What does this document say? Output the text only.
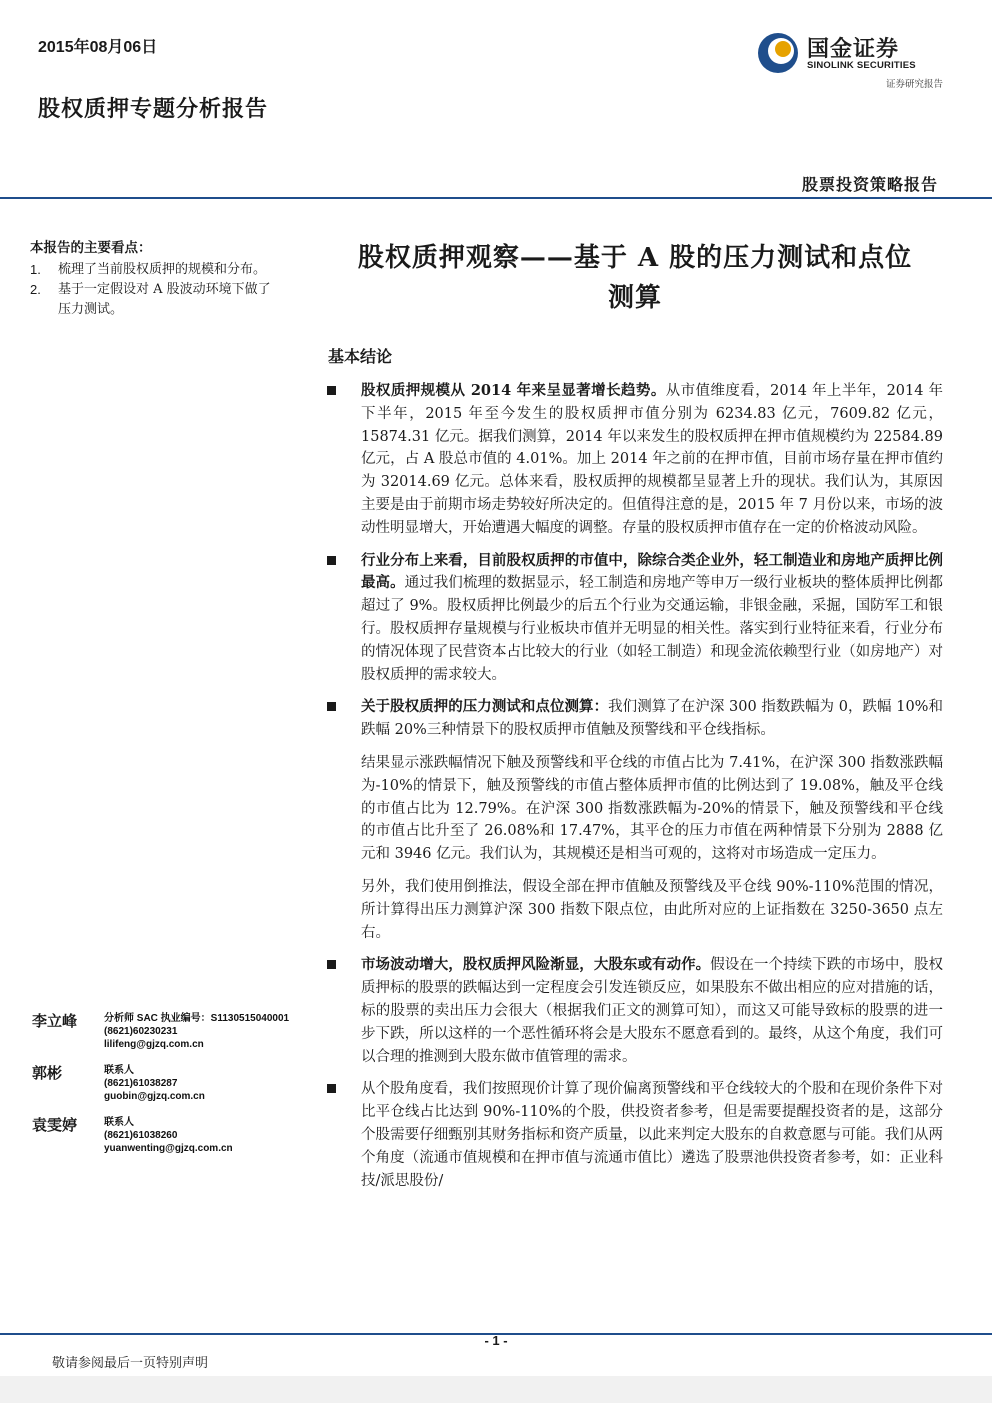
2015年08月06日
股权质押专题分析报告
国金证券
SINOLINK SECURITIES
证券研究报告
股票投资策略报告
本报告的主要看点：
1. 梳理了当前股权质押的规模和分布。
2. 基于一定假设对 A 股波动环境下做了压力测试。
股权质押观察——基于 A 股的压力测试和点位
测算
基本结论
股权质押规模从 2014 年来呈显著增长趋势。从市值维度看，2014 年上半年，2014 年下半年，2015 年至今发生的股权质押市值分别为 6234.83 亿元，7609.82 亿元，15874.31 亿元。据我们测算，2014 年以来发生的股权质押在押市值规模约为 22584.89 亿元，占 A 股总市值的 4.01%。加上 2014 年之前的在押市值，目前市场存量在押市值约为 32014.69 亿元。总体来看，股权质押的规模都呈显著上升的现状。我们认为，其原因主要是由于前期市场走势较好所决定的。但值得注意的是，2015 年 7 月份以来，市场的波动性明显增大，开始遭遇大幅度的调整。存量的股权质押市值存在一定的价格波动风险。
行业分布上来看，目前股权质押的市值中，除综合类企业外，轻工制造业和房地产质押比例最高。通过我们梳理的数据显示，轻工制造和房地产等申万一级行业板块的整体质押比例都超过了 9%。股权质押比例最少的后五个行业为交通运输，非银金融，采掘，国防军工和银行。股权质押存量规模与行业板块市值并无明显的相关性。落实到行业特征来看，行业分布的情况体现了民营资本占比较大的行业（如轻工制造）和现金流依赖型行业（如房地产）对股权质押的需求较大。
关于股权质押的压力测试和点位测算：我们测算了在沪深 300 指数跌幅为 0，跌幅 10%和跌幅 20%三种情景下的股权质押市值触及预警线和平仓线指标。
结果显示涨跌幅情况下触及预警线和平仓线的市值占比为 7.41%，在沪深 300 指数涨跌幅为-10%的情景下，触及预警线的市值占整体质押市值的比例达到了 19.08%，触及平仓线的市值占比为 12.79%。在沪深 300 指数涨跌幅为-20%的情景下，触及预警线和平仓线的市值占比升至了 26.08%和 17.47%，其平仓的压力市值在两种情景下分别为 2888 亿元和 3946 亿元。我们认为，其规模还是相当可观的，这将对市场造成一定压力。
另外，我们使用倒推法，假设全部在押市值触及预警线及平仓线 90%-110%范围的情况，所计算得出压力测算沪深 300 指数下限点位，由此所对应的上证指数在 3250-3650 点左右。
市场波动增大，股权质押风险渐显，大股东或有动作。假设在一个持续下跌的市场中，股权质押标的股票的跌幅达到一定程度会引发连锁反应，如果股东不做出相应的应对措施的话，标的股票的卖出压力会很大（根据我们正文的测算可知），而这又可能导致标的股票的进一步下跌，所以这样的一个恶性循环将会是大股东不愿意看到的。最终，从这个角度，我们可以合理的推测到大股东做市值管理的需求。
从个股角度看，我们按照现价计算了现价偏离预警线和平仓线较大的个股和在现价条件下对比平仓线占比达到 90%-110%的个股，供投资者参考，但是需要提醒投资者的是，这部分个股需要仔细甄别其财务指标和资产质量，以此来判定大股东的自救意愿与可能。我们从两个角度（流通市值规模和在押市值与流通市值比）遴选了股票池供投资者参考，如：正业科技/派思股份/
李立峰	分析师 SAC 执业编号：S1130515040001
(8621)60230231
lilifeng@gjzq.com.cn
郭彬	联系人
(8621)61038287
guobin@gjzq.com.cn
袁雯婷	联系人
(8621)61038260
yuanwenting@gjzq.com.cn
- 1 -
敬请参阅最后一页特别声明
